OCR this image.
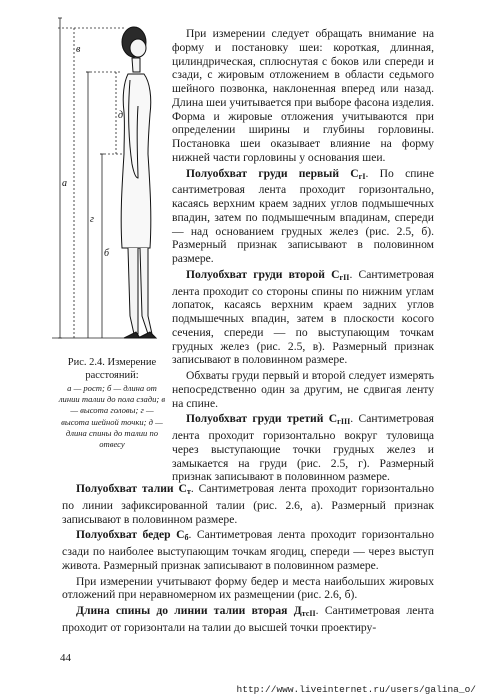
а
б
в
г
д
Рис. 2.4. Измерение расстояний:
а — рост; б — длина от линии талии до пола сзади; в — высота головы; г — высота шейной точки; д — длина спины до талии по отвесу

При измерении следует обращать внимание на форму и постановку шеи: короткая, длинная, цилиндрическая, сплюснутая с боков или спереди и сзади, с жировым отложением в области седьмого шейного позвонка, наклоненная вперед или назад. Длина шеи учитывается при выборе фасона изделия. Форма и жировые отложения учитываются при определении ширины и глубины горловины. Постановка шеи оказывает влияние на форму нижней части горловины у основания шеи.

Полуобхват груди первый $С_{гI}$. По спине сантиметровая лента проходит горизонтально, касаясь верхним краем задних углов подмышечных впадин, затем по подмышечным впадинам, спереди — над основанием грудных желез (рис. 2.5, б). Размерный признак записывают в половинном размере.

Полуобхват груди второй $С_{гII}$. Сантиметровая лента проходит со стороны спины по нижним углам лопаток, касаясь верхним краем задних углов подмышечных впадин, затем в плоскости косого сечения, спереди — по выступающим точкам грудных желез (рис. 2.5, в). Размерный признак записывают в половинном размере.

Обхваты груди первый и второй следует измерять непосредственно один за другим, не сдвигая ленту на спине.

Полуобхват груди третий $С_{гIII}$. Сантиметровая лента проходит горизонтально вокруг туловища через выступающие точки грудных желез и замыкается на груди (рис. 2.5, г). Размерный признак записывают в половинном размере.

Полуобхват талии $С_т$. Сантиметровая лента проходит горизонтально по линии зафиксированной талии (рис. 2.6, а). Размерный признак записывают в половинном размере.

Полуобхват бедер $С_б$. Сантиметровая лента проходит горизонтально сзади по наиболее выступающим точкам ягодиц, спереди — через выступ живота. Размерный признак записывают в половинном размере.

При измерении учитывают форму бедер и места наибольших жировых отложений при неравномерном их размещении (рис. 2.6, б).

Длина спины до линии талии вторая $Д_{тсII}$. Сантиметровая лента проходит от горизонтали на талии до высшей точки проектиру-

44
http://www.liveinternet.ru/users/galina_o/
